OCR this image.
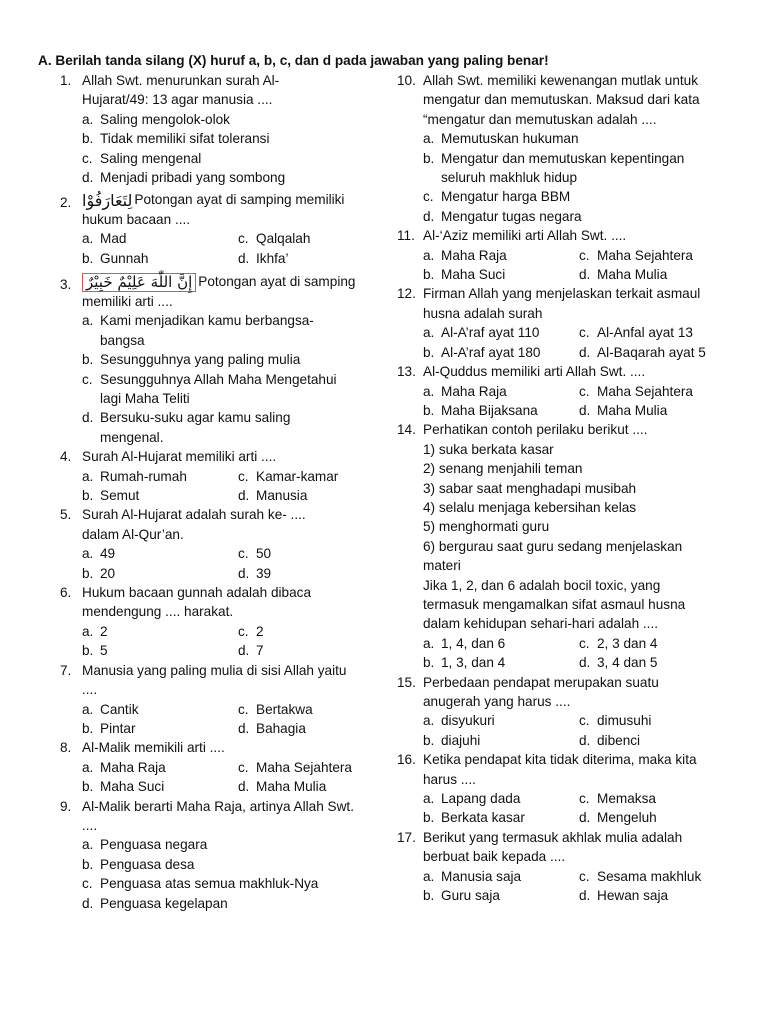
A. Berilah tanda silang (X) huruf a, b, c, dan d pada jawaban yang paling benar!
1. Allah Swt. menurunkan surah Al-Hujarat/49: 13 agar manusia ....
a. Saling mengolok-olok
b. Tidak memiliki sifat toleransi
c. Saling mengenal
d. Menjadi pribadi yang sombong
2. لِتَعَارَفُوْا Potongan ayat di samping memiliki hukum bacaan ....
a. Mad	c. Qalqalah
b. Gunnah	d. Ikhfa’
3. إِنَّ اللّٰهَ عَلِيْمٌ خَبِيْرٌ Potongan ayat di samping memiliki arti ....
a. Kami menjadikan kamu berbangsa-bangsa
b. Sesungguhnya yang paling mulia
c. Sesungguhnya Allah Maha Mengetahui lagi Maha Teliti
d. Bersuku-suku agar kamu saling mengenal.
4. Surah Al-Hujarat memiliki arti ....
a. Rumah-rumah	c. Kamar-kamar
b. Semut	d. Manusia
5. Surah Al-Hujarat adalah surah ke- .... dalam Al-Qur’an.
a. 49	c. 50
b. 20	d. 39
6. Hukum bacaan gunnah adalah dibaca mendengung .... harakat.
a. 2	c. 2
b. 5	d. 7
7. Manusia yang paling mulia di sisi Allah yaitu ....
a. Cantik	c. Bertakwa
b. Pintar	d. Bahagia
8. Al-Malik memikili arti ....
a. Maha Raja	c. Maha Sejahtera
b. Maha Suci	d. Maha Mulia
9. Al-Malik berarti Maha Raja, artinya Allah Swt. ....
a. Penguasa negara
b. Penguasa desa
c. Penguasa atas semua makhluk-Nya
d. Penguasa kegelapan
10. Allah Swt. memiliki kewenangan mutlak untuk mengatur dan memutuskan. Maksud dari kata “mengatur dan memutuskan adalah ....
a. Memutuskan hukuman
b. Mengatur dan memutuskan kepentingan seluruh makhluk hidup
c. Mengatur harga BBM
d. Mengatur tugas negara
11. Al-‘Aziz memiliki arti Allah Swt. ....
a. Maha Raja	c. Maha Sejahtera
b. Maha Suci	d. Maha Mulia
12. Firman Allah yang menjelaskan terkait asmaul husna adalah surah
a. Al-A’raf ayat 110	c. Al-Anfal ayat 13
b. Al-A’raf ayat 180	d. Al-Baqarah ayat 5
13. Al-Quddus memiliki arti Allah Swt. ....
a. Maha Raja	c. Maha Sejahtera
b. Maha Bijaksana	d. Maha Mulia
14. Perhatikan contoh perilaku berikut ....
1) suka berkata kasar
2) senang menjahili teman
3) sabar saat menghadapi musibah
4) selalu menjaga kebersihan kelas
5) menghormati guru
6) bergurau saat guru sedang menjelaskan materi
Jika 1, 2, dan 6 adalah bocil toxic, yang termasuk mengamalkan sifat asmaul husna dalam kehidupan sehari-hari adalah ....
a. 1, 4, dan 6	c. 2, 3 dan 4
b. 1, 3, dan 4	d. 3, 4 dan 5
15. Perbedaan pendapat merupakan suatu anugerah yang harus ....
a. disyukuri	c. dimusuhi
b. diajuhi	d. dibenci
16. Ketika pendapat kita tidak diterima, maka kita harus ....
a. Lapang dada	c. Memaksa
b. Berkata kasar	d. Mengeluh
17. Berikut yang termasuk akhlak mulia adalah berbuat baik kepada ....
a. Manusia saja	c. Sesama makhluk
b. Guru saja	d. Hewan saja
